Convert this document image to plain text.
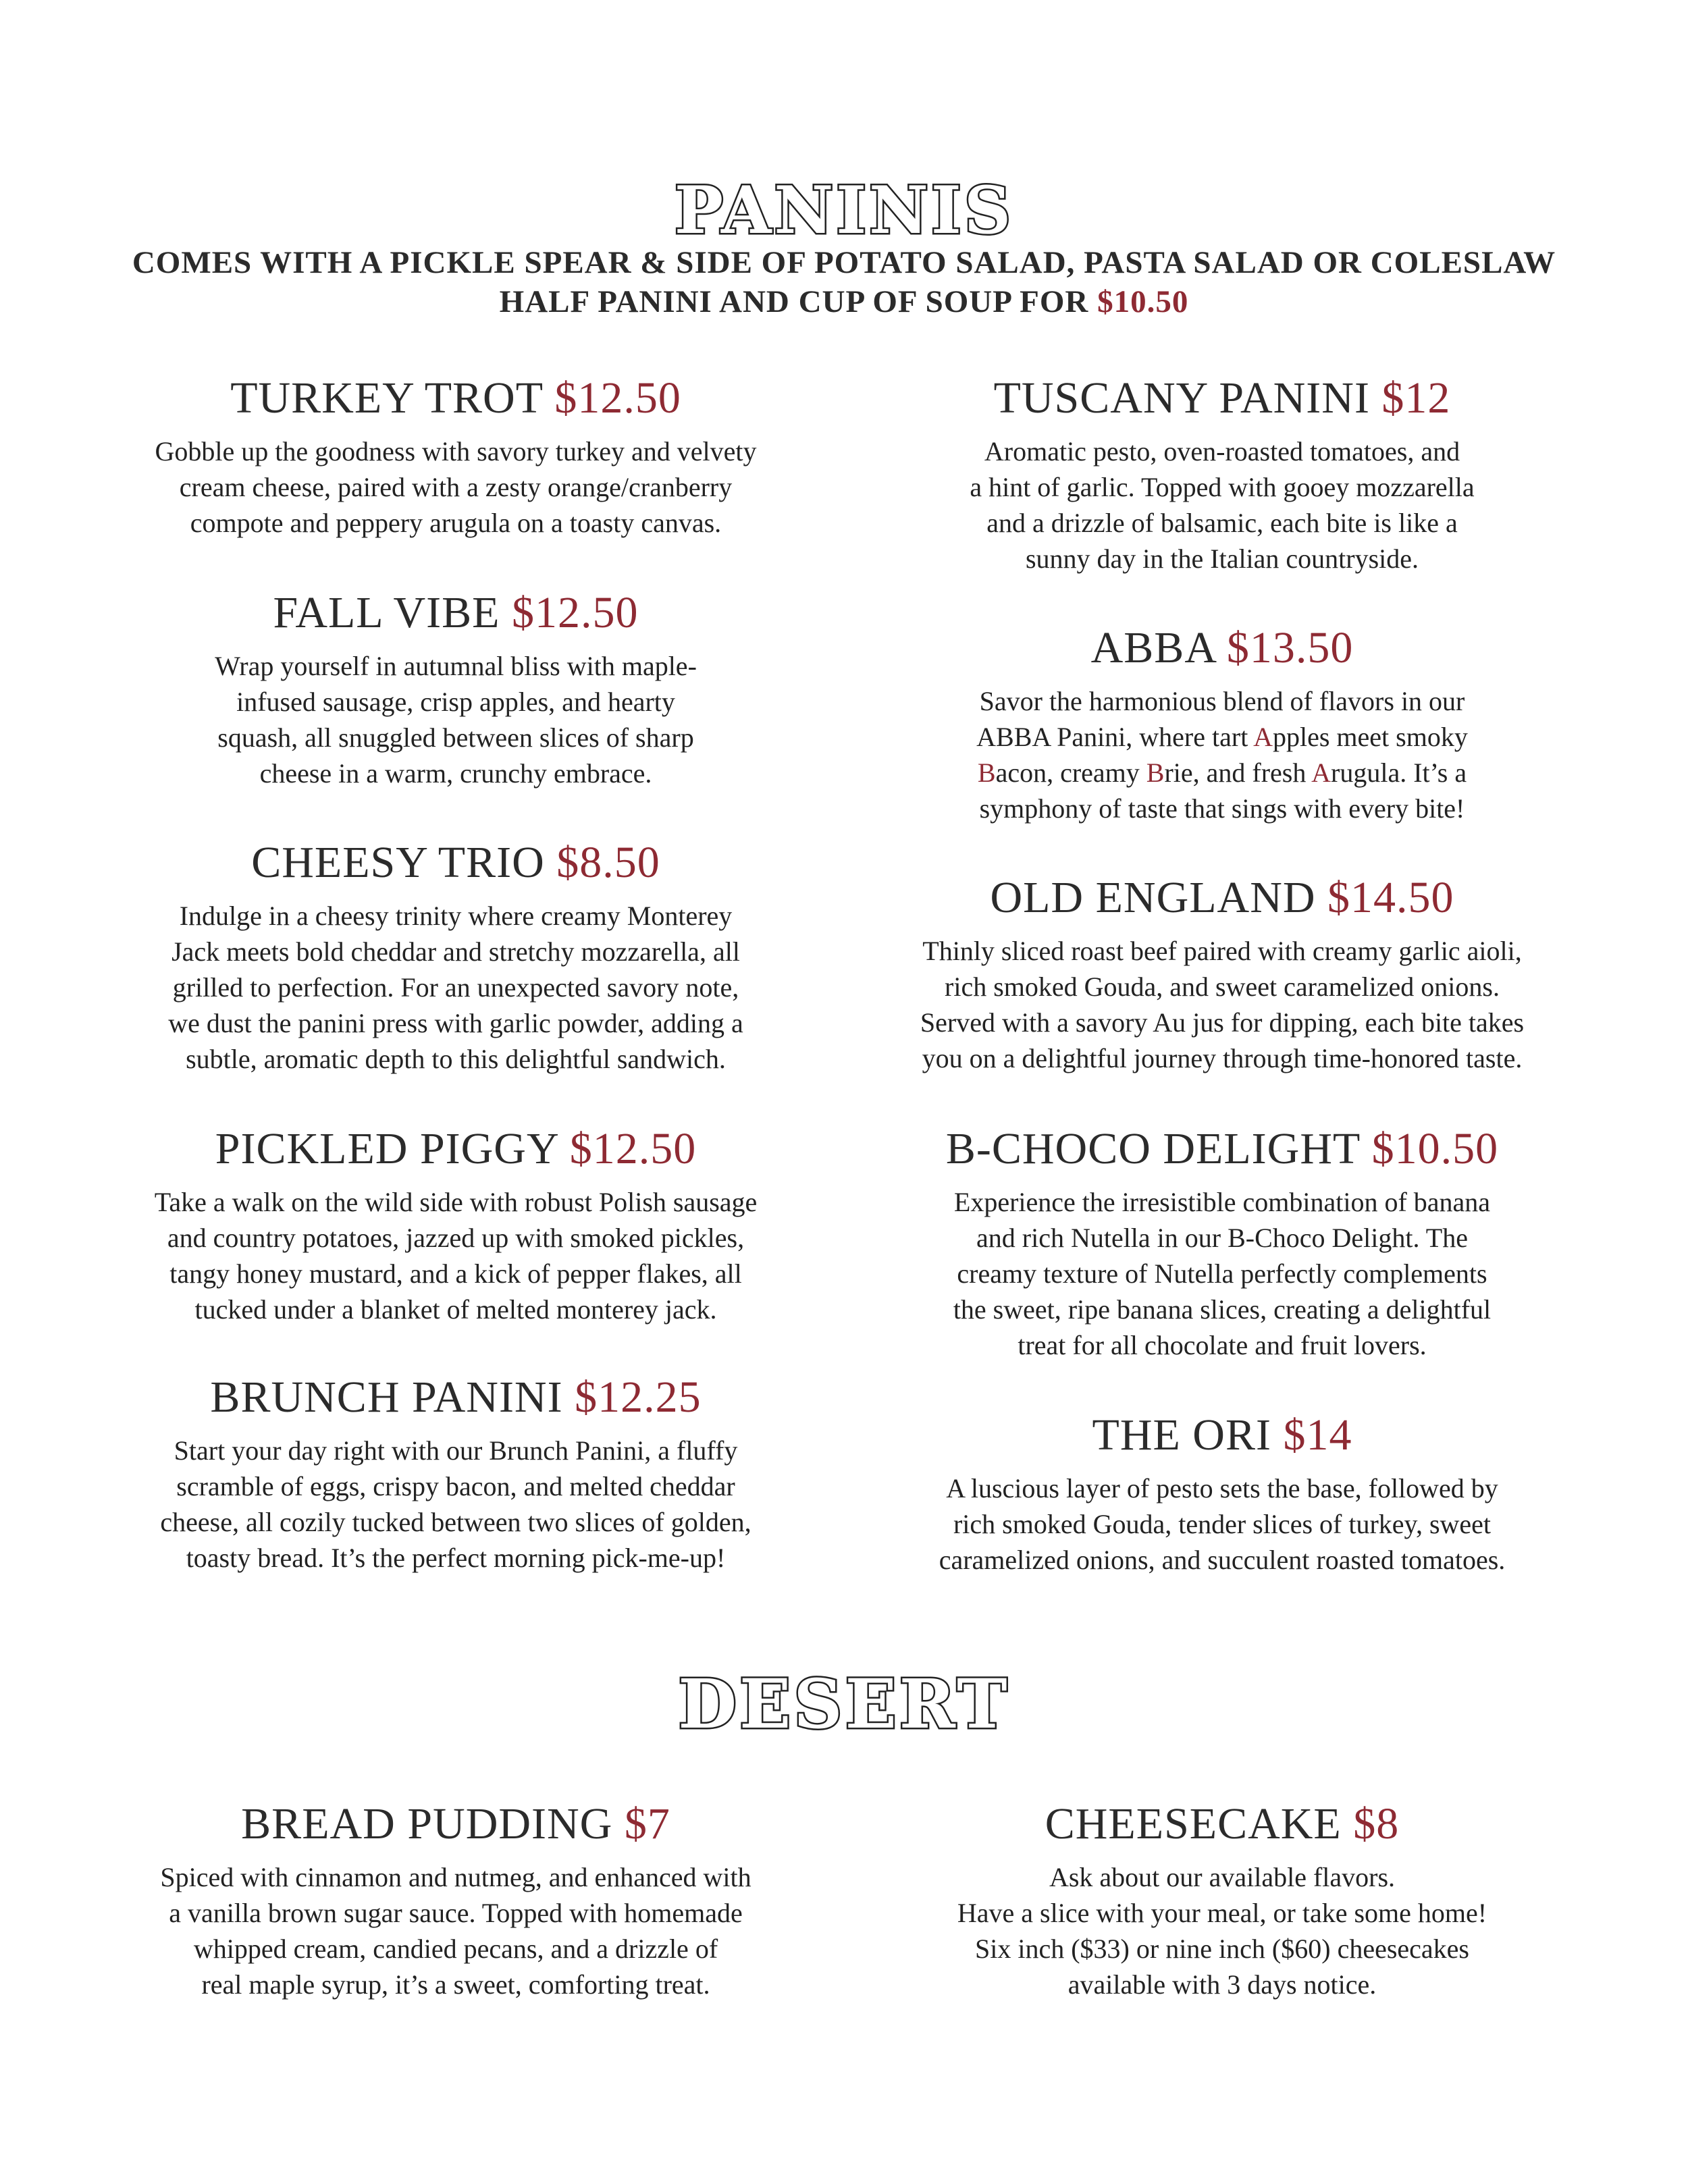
PANINIS
COMES WITH A PICKLE SPEAR & SIDE OF POTATO SALAD, PASTA SALAD OR COLESLAW
HALF PANINI AND CUP OF SOUP FOR $10.50
TURKEY TROT $12.50
Gobble up the goodness with savory turkey and velvety
cream cheese, paired with a zesty orange/cranberry
compote and peppery arugula on a toasty canvas.
FALL VIBE $12.50
Wrap yourself in autumnal bliss with maple-
infused sausage, crisp apples, and hearty
squash, all snuggled between slices of sharp
cheese in a warm, crunchy embrace.
CHEESY TRIO $8.50
Indulge in a cheesy trinity where creamy Monterey
Jack meets bold cheddar and stretchy mozzarella, all
grilled to perfection. For an unexpected savory note,
we dust the panini press with garlic powder, adding a
subtle, aromatic depth to this delightful sandwich.
PICKLED PIGGY $12.50
Take a walk on the wild side with robust Polish sausage
and country potatoes, jazzed up with smoked pickles,
tangy honey mustard, and a kick of pepper flakes, all
tucked under a blanket of melted monterey jack.
BRUNCH PANINI $12.25
Start your day right with our Brunch Panini, a fluffy
scramble of eggs, crispy bacon, and melted cheddar
cheese, all cozily tucked between two slices of golden,
toasty bread. It’s the perfect morning pick-me-up!
TUSCANY PANINI $12
Aromatic pesto, oven-roasted tomatoes, and
a hint of garlic. Topped with gooey mozzarella
and a drizzle of balsamic, each bite is like a
sunny day in the Italian countryside.
ABBA $13.50
Savor the harmonious blend of flavors in our
ABBA Panini, where tart Apples meet smoky
Bacon, creamy Brie, and fresh Arugula. It’s a
symphony of taste that sings with every bite!
OLD ENGLAND $14.50
Thinly sliced roast beef paired with creamy garlic aioli,
rich smoked Gouda, and sweet caramelized onions.
Served with a savory Au jus for dipping, each bite takes
you on a delightful journey through time-honored taste.
B-CHOCO DELIGHT $10.50
Experience the irresistible combination of banana
and rich Nutella in our B-Choco Delight. The
creamy texture of Nutella perfectly complements
the sweet, ripe banana slices, creating a delightful
treat for all chocolate and fruit lovers.
THE ORI $14
A luscious layer of pesto sets the base, followed by
rich smoked Gouda, tender slices of turkey, sweet
caramelized onions, and succulent roasted tomatoes.
DESERT
BREAD PUDDING $7
Spiced with cinnamon and nutmeg, and enhanced with
a vanilla brown sugar sauce. Topped with homemade
whipped cream, candied pecans, and a drizzle of
real maple syrup, it’s a sweet, comforting treat.
CHEESECAKE $8
Ask about our available flavors.
Have a slice with your meal, or take some home!
Six inch ($33) or nine inch ($60) cheesecakes
available with 3 days notice.
